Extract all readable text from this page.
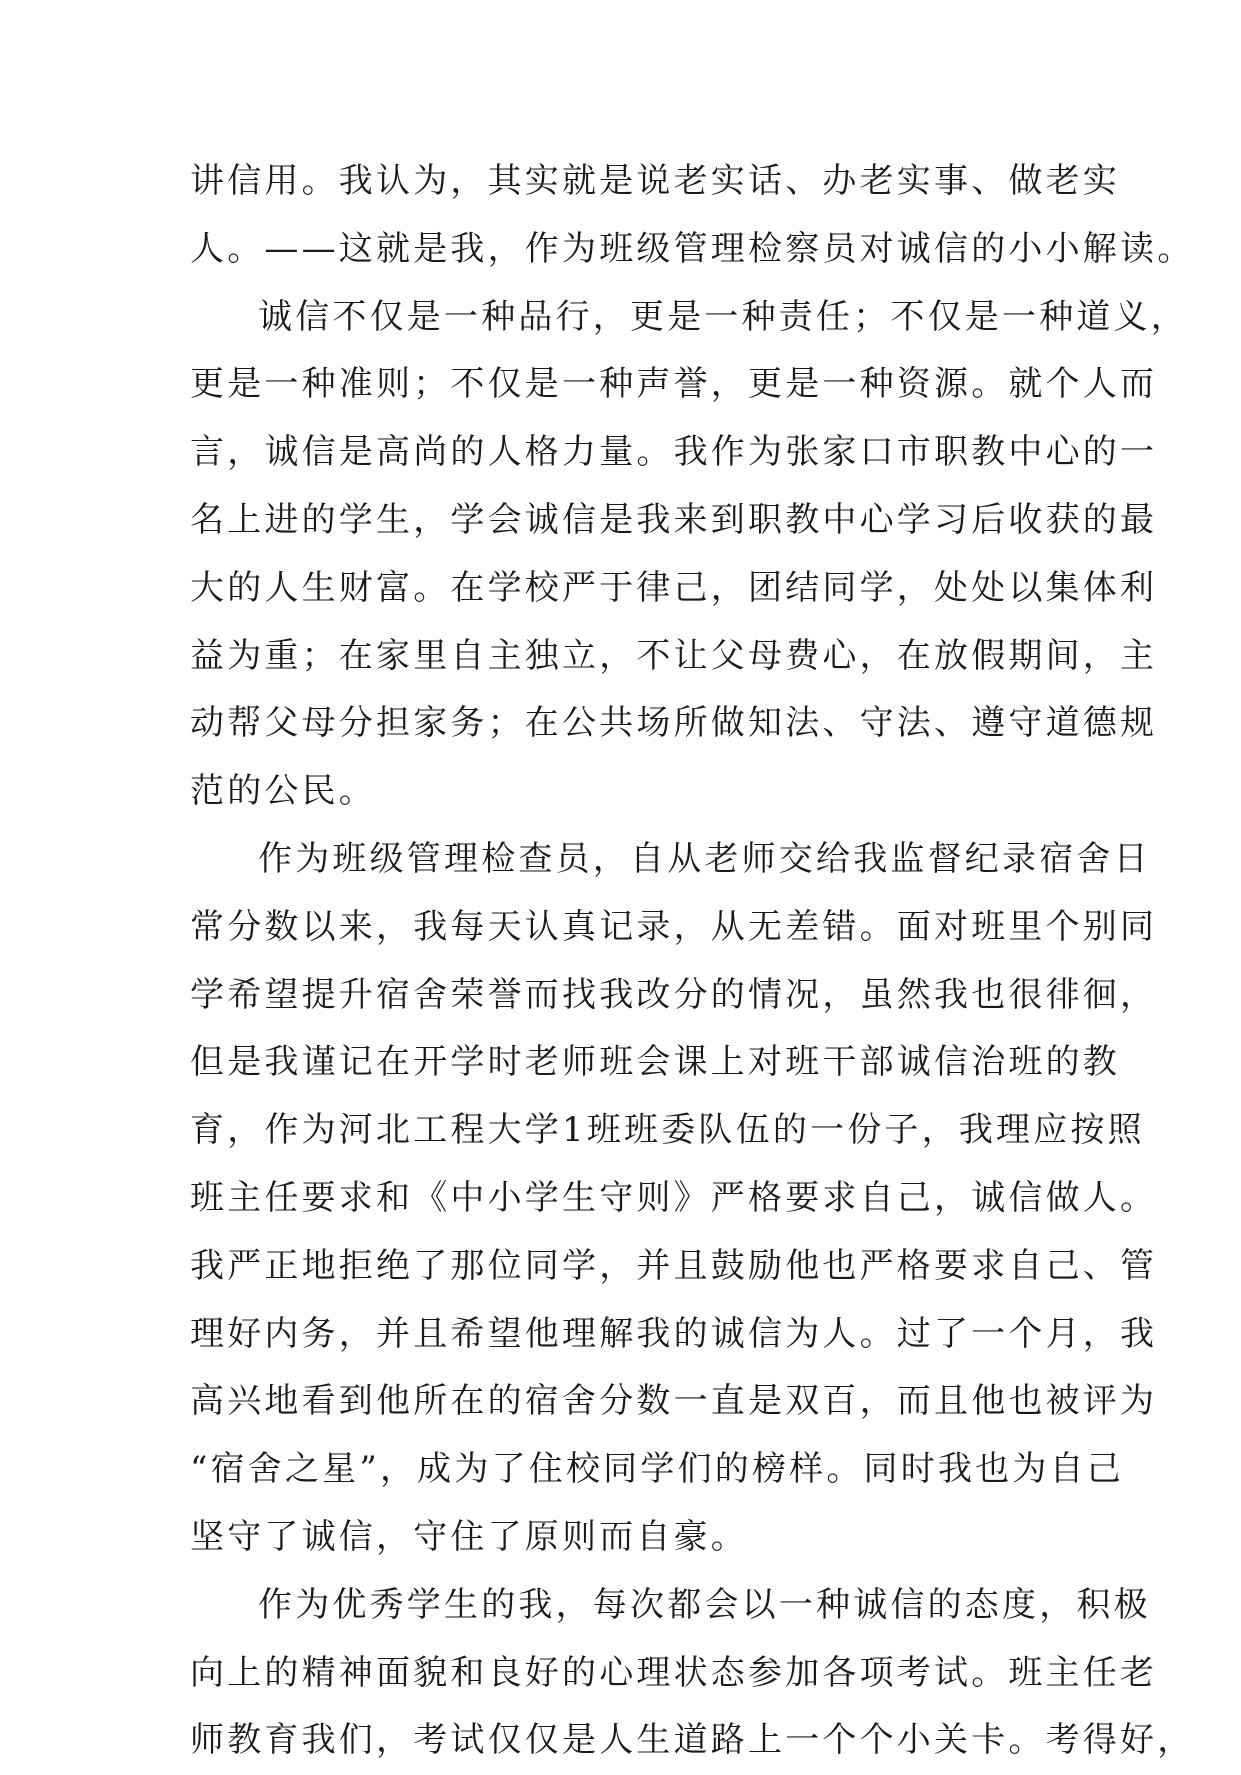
讲信用。我认为，其实就是说老实话、办老实事、做老实
人。——这就是我，作为班级管理检察员对诚信的小小解读。
诚信不仅是一种品行，更是一种责任；不仅是一种道义，
更是一种准则；不仅是一种声誉，更是一种资源。就个人而
言，诚信是高尚的人格力量。我作为张家口市职教中心的一
名上进的学生，学会诚信是我来到职教中心学习后收获的最
大的人生财富。在学校严于律己，团结同学，处处以集体利
益为重；在家里自主独立，不让父母费心，在放假期间，主
动帮父母分担家务；在公共场所做知法、守法、遵守道德规
范的公民。
作为班级管理检查员，自从老师交给我监督纪录宿舍日
常分数以来，我每天认真记录，从无差错。面对班里个别同
学希望提升宿舍荣誉而找我改分的情况，虽然我也很徘徊，
但是我谨记在开学时老师班会课上对班干部诚信治班的教
育，作为河北工程大学1班班委队伍的一份子，我理应按照
班主任要求和《中小学生守则》严格要求自己，诚信做人。
我严正地拒绝了那位同学，并且鼓励他也严格要求自己、管
理好内务，并且希望他理解我的诚信为人。过了一个月，我
高兴地看到他所在的宿舍分数一直是双百，而且他也被评为
“宿舍之星”，成为了住校同学们的榜样。同时我也为自己
坚守了诚信，守住了原则而自豪。
作为优秀学生的我，每次都会以一种诚信的态度，积极
向上的精神面貌和良好的心理状态参加各项考试。班主任老
师教育我们，考试仅仅是人生道路上一个个小关卡。考得好，
